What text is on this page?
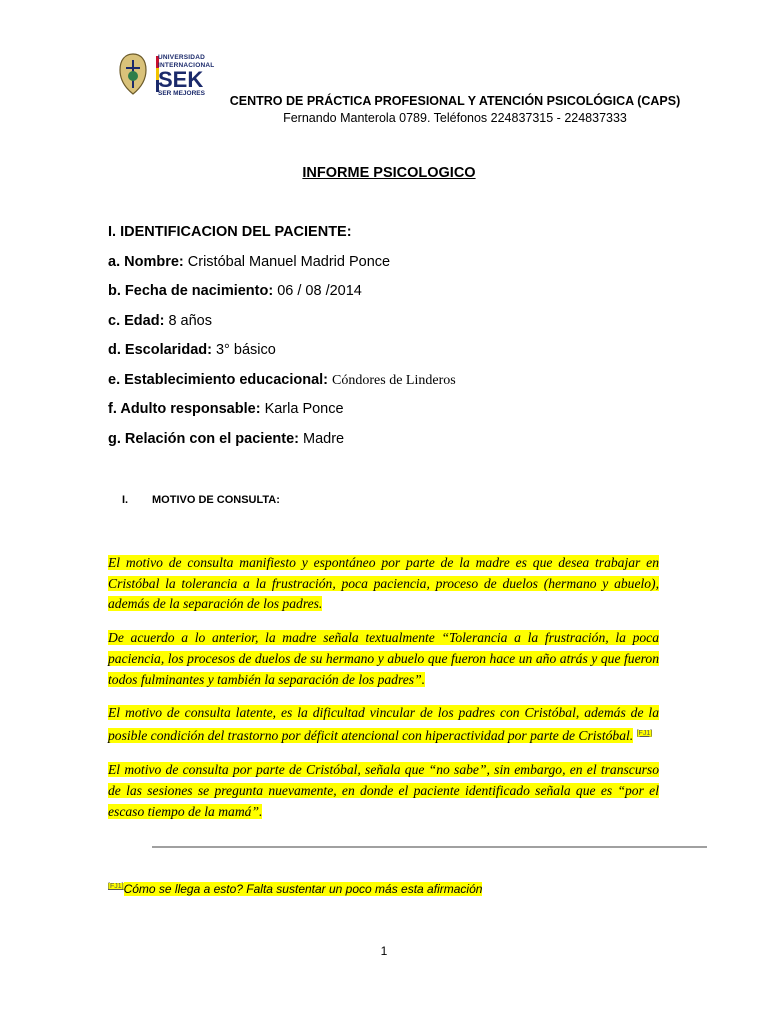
UNIVERSIDAD
INTERNACIONAL
SEK
SER MEJORES
CENTRO DE PRÁCTICA PROFESIONAL Y ATENCIÓN PSICOLÓGICA (CAPS)
Fernando Manterola 0789. Teléfonos 224837315 - 224837333
INFORME PSICOLOGICO
I. IDENTIFICACION DEL PACIENTE:
a. Nombre: Cristóbal Manuel Madrid Ponce
b. Fecha de nacimiento: 06 / 08 /2014
c. Edad: 8 años
d. Escolaridad: 3° básico
e. Establecimiento educacional: Cóndores de Linderos
f. Adulto responsable: Karla Ponce
g. Relación con el paciente: Madre
I. MOTIVO DE CONSULTA:

El motivo de consulta manifiesto y espontáneo por parte de la madre es que desea trabajar en Cristóbal la tolerancia a la frustración, poca paciencia, proceso de duelos (hermano y abuelo), además de la separación de los padres.

De acuerdo a lo anterior, la madre señala textualmente “Tolerancia a la frustración, la poca paciencia, los procesos de duelos de su hermano y abuelo que fueron hace un año atrás y que fueron todos fulminantes y también la separación de los padres”.

El motivo de consulta latente, es la dificultad vincular de los padres con Cristóbal, además de la posible condición del trastorno por déficit atencional con hiperactividad por parte de Cristóbal. [FJ1]

El motivo de consulta por parte de Cristóbal, señala que “no sabe”, sin embargo, en el transcurso de las sesiones se pregunta nuevamente, en donde el paciente identificado señala que es “por el escaso tiempo de la mamá”.

[FJ1]Cómo se llega a esto? Falta sustentar un poco más esta afirmación
1
